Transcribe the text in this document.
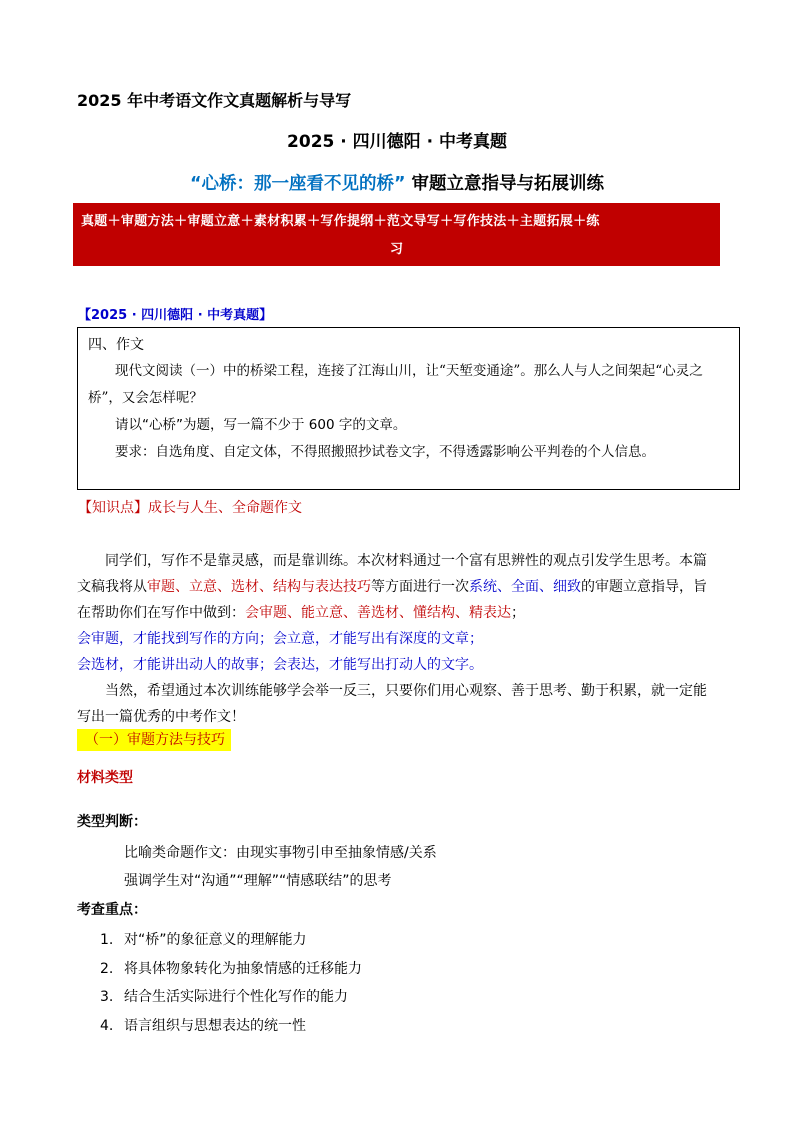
2025 年中考语文作文真题解析与导写
2025 · 四川德阳 · 中考真题
“心桥：那一座看不见的桥” 审题立意指导与拓展训练
真题＋审题方法＋审题立意＋素材积累＋写作提纲＋范文导写＋写作技法＋主题拓展＋练
习
【2025 · 四川德阳 · 中考真题】

四、作文

现代文阅读（一）中的桥梁工程，连接了江海山川，让“天堑变通途”。那么人与人之间架起“心灵之桥”，又会怎样呢？

请以“心桥”为题，写一篇不少于 600 字的文章。

要求：自选角度、自定文体，不得照搬照抄试卷文字，不得透露影响公平判卷的个人信息。

【知识点】成长与人生、全命题作文

同学们，写作不是靠灵感，而是靠训练。本次材料通过一个富有思辨性的观点引发学生思考。本篇文稿我将从审题、立意、选材、结构与表达技巧等方面进行一次系统、全面、细致的审题立意指导，旨在帮助你们在写作中做到：会审题、能立意、善选材、懂结构、精表达；

会审题，才能找到写作的方向；会立意，才能写出有深度的文章；

会选材，才能讲出动人的故事；会表达，才能写出打动人的文字。

当然，希望通过本次训练能够学会举一反三，只要你们用心观察、善于思考、勤于积累，就一定能写出一篇优秀的中考作文！

（一）审题方法与技巧
材料类型
类型判断：
比喻类命题作文：由现实事物引申至抽象情感/关系
强调学生对“沟通”“理解”“情感联结”的思考
考查重点：
1. 对“桥”的象征意义的理解能力
2. 将具体物象转化为抽象情感的迁移能力
3. 结合生活实际进行个性化写作的能力
4. 语言组织与思想表达的统一性
